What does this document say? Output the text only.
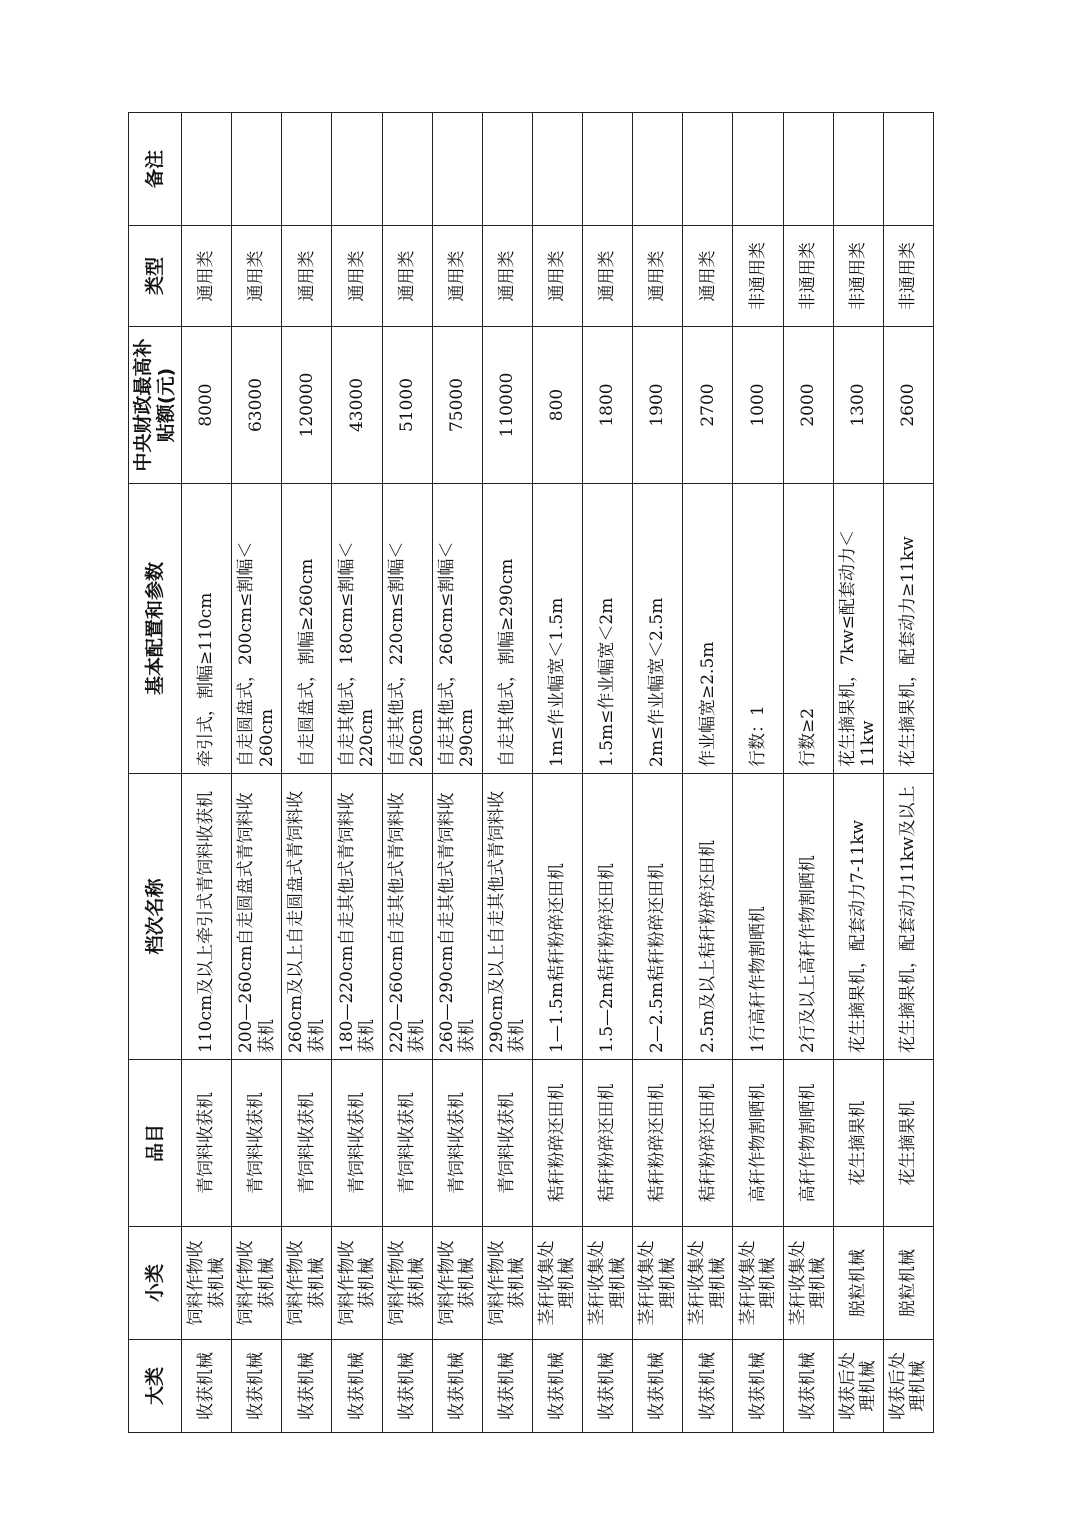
大类	小类	品目	档次名称	基本配置和参数	中央财政最高补贴额(元)	类型	备注
收获机械	饲料作物收获机械	青饲料收获机	110cm及以上牵引式青饲料收获机	牵引式，割幅≥110cm	8000	通用类	
收获机械	饲料作物收获机械	青饲料收获机	200—260cm自走圆盘式青饲料收获机	自走圆盘式，200cm≤割幅＜260cm	63000	通用类	
收获机械	饲料作物收获机械	青饲料收获机	260cm及以上自走圆盘式青饲料收获机	自走圆盘式，割幅≥260cm	120000	通用类	
收获机械	饲料作物收获机械	青饲料收获机	180—220cm自走其他式青饲料收获机	自走其他式，180cm≤割幅＜220cm	43000	通用类	
收获机械	饲料作物收获机械	青饲料收获机	220—260cm自走其他式青饲料收获机	自走其他式，220cm≤割幅＜260cm	51000	通用类	
收获机械	饲料作物收获机械	青饲料收获机	260—290cm自走其他式青饲料收获机	自走其他式，260cm≤割幅＜290cm	75000	通用类	
收获机械	饲料作物收获机械	青饲料收获机	290cm及以上自走其他式青饲料收获机	自走其他式，割幅≥290cm	110000	通用类	
收获机械	茎秆收集处理机械	秸秆粉碎还田机	1—1.5m秸秆粉碎还田机	1m≤作业幅宽＜1.5m	800	通用类	
收获机械	茎秆收集处理机械	秸秆粉碎还田机	1.5—2m秸秆粉碎还田机	1.5m≤作业幅宽＜2m	1800	通用类	
收获机械	茎秆收集处理机械	秸秆粉碎还田机	2—2.5m秸秆粉碎还田机	2m≤作业幅宽＜2.5m	1900	通用类	
收获机械	茎秆收集处理机械	秸秆粉碎还田机	2.5m及以上秸秆粉碎还田机	作业幅宽≥2.5m	2700	通用类	
收获机械	茎秆收集处理机械	高秆作物割晒机	1行高秆作物割晒机	行数：1	1000	非通用类	
收获机械	茎秆收集处理机械	高秆作物割晒机	2行及以上高秆作物割晒机	行数≥2	2000	非通用类	
收获后处理机械	脱粒机械	花生摘果机	花生摘果机，配套动力7-11kw	花生摘果机，7kw≤配套动力＜11kw	1300	非通用类	
收获后处理机械	脱粒机械	花生摘果机	花生摘果机，配套动力11kw及以上	花生摘果机，配套动力≥11kw	2600	非通用类	
